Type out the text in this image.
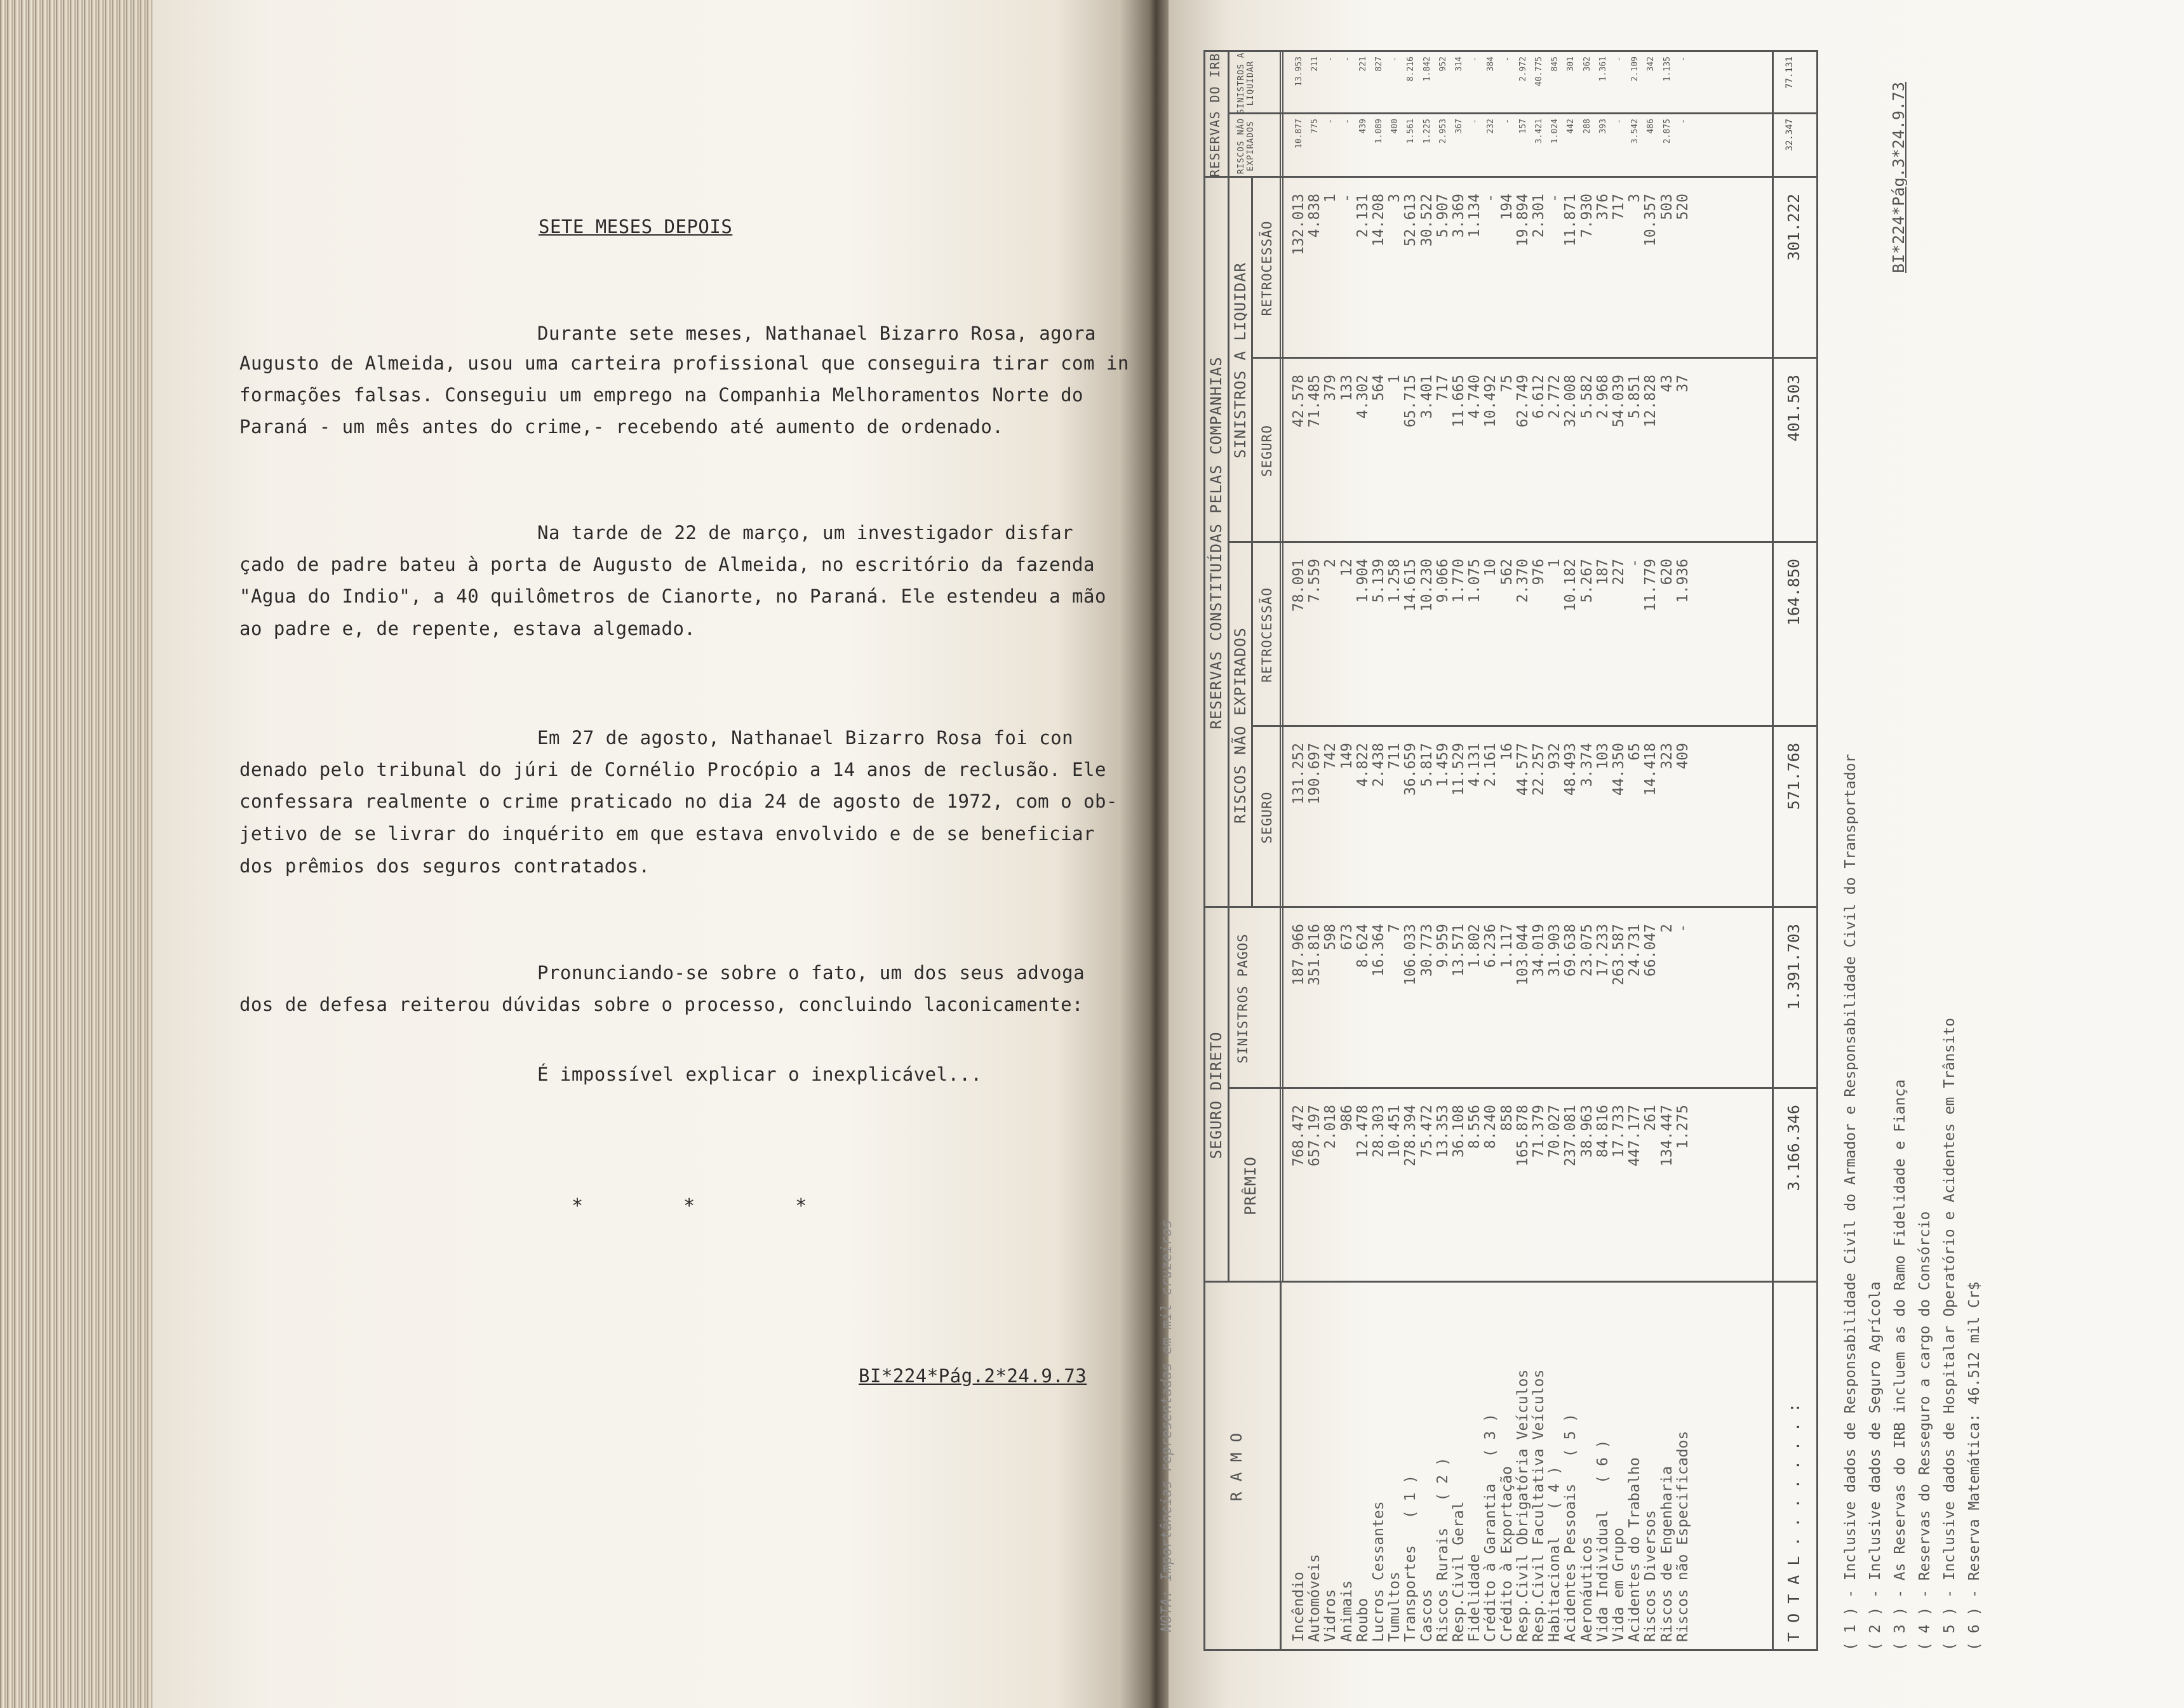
SETE MESES DEPOIS
Durante sete meses, Nathanael Bizarro Rosa, agora
Augusto de Almeida, usou uma carteira profissional que conseguira tirar com in
formações falsas. Conseguiu um emprego na Companhia Melhoramentos Norte do
Paraná - um mês antes do crime,- recebendo até aumento de ordenado.
Na tarde de 22 de março, um investigador disfar
çado de padre bateu à porta de Augusto de Almeida, no escritório da fazenda
"Agua do Indio", a 40 quilômetros de Cianorte, no Paraná. Ele estendeu a mão
ao padre e, de repente, estava algemado.
Em 27 de agosto, Nathanael Bizarro Rosa foi con
denado pelo tribunal do júri de Cornélio Procópio a 14 anos de reclusão. Ele
confessara realmente o crime praticado no dia 24 de agosto de 1972, com o ob-
jetivo de se livrar do inquérito em que estava envolvido e de se beneficiar
dos prêmios dos seguros contratados.
Pronunciando-se sobre o fato, um dos seus advoga
dos de defesa reiterou dúvidas sobre o processo, concluindo laconicamente:
É impossível explicar o inexplicável...
* * *
BI*224*Pág.2*24.9.73
R A M O
SEGURO DIRETO
PRÊMIO
SINISTROS PAGOS
RESERVAS CONSTITUÍDAS PELAS COMPANHIAS RISCOS NÃO EXPIRADOS
SINISTROS A LIQUIDAR
SEGURO
RETROCESSÃO
SEGURO
RETROCESSÃO
RESERVAS DO IRB RISCOS NÃO EXPIRADOS
SINISTROS A LIQUIDAR
Incêndio Automóveis Vidros Animais Roubo Lucros Cessantes Tumultos Transportes   ( 1 ) Cascos Riscos Rurais   ( 2 ) Resp.Civil Geral Fidelidade Crédito à Garantia   ( 3 ) Crédito à Exportação Resp.Civil Obrigatória Veículos Resp.Civil Facultativa Veículos Habitacional   ( 4 ) Acidentes Pessoais   ( 5 ) Aeronáuticos Vida Individual   ( 6 ) Vida em Grupo Acidentes do Trabalho Riscos Diversos Riscos de Engenharia Riscos não Especificados
768.472 657.197 2.018 986 12.478 28.303 10.451 278.394 75.472 13.353 36.108 8.556 8.240 858 165.878 71.379 70.027 237.081 38.963 84.816 17.733 447.177 261 134.447 1.275
187.966 351.816 598 673 8.624 16.364 7 106.033 30.773 9.959 13.571 1.802 6.236 1.117 103.044 34.019 31.903 69.638 23.075 17.233 263.587 24.731 66.047 2 -
131.252 190.697 742 149 4.822 2.438 711 36.659 5.817 1.459 11.529 4.131 2.161 16 44.577 22.257 932 48.493 3.374 103 44.350 65 14.418 323 409
78.091 7.559 2 12 1.904 5.139 1.258 14.615 10.230 9.066 1.770 1.075 10 562 2.370 976 1 10.182 5.267 187 227 - 11.779 620 1.936
42.578 71.485 379 133 4.302 564 1 65.715 3.401 717 11.665 4.740 10.492 75 62.749 6.612 2.772 32.008 5.582 2.968 54.039 5.851 12.828 43 37
132.013 4.838 1 - 2.131 14.208 3 52.613 30.522 5.907 3.369 1.134 - 194 19.894 2.301 - 11.871 7.930 376 717 3 10.357 503 520
10.877 775 - - 439 1.089 400 1.561 1.225 2.953 367 - 232 - 157 3.421 1.024 442 288 393 - 3.542 486 2.875 -
13.953 211 - - 221 827 - 8.216 1.842 952 314 - 384 - 2.972 40.775 845 301 362 1.361 - 2.109 342 1.135 -
T O T A L . . . . . . . :
3.166.346
1.391.703
571.768
164.850
401.503
301.222
32.347
77.131
( 1 ) - Inclusive dados de Responsabilidade Civil do Armador e Responsabilidade Civil do Transportador ( 2 ) - Inclusive dados de Seguro Agrícola ( 3 ) - As Reservas do IRB incluem as do Ramo Fidelidade e Fiança ( 4 ) - Reservas do Resseguro a cargo do Consórcio ( 5 ) - Inclusive dados de Hospitalar Operatório e Acidentes em Trânsito ( 6 ) - Reserva Matemática: 46.512 mil Cr$
NOTA: Importâncias representadas em mil cruzeiros
BI*224*Pág.3*24.9.73
